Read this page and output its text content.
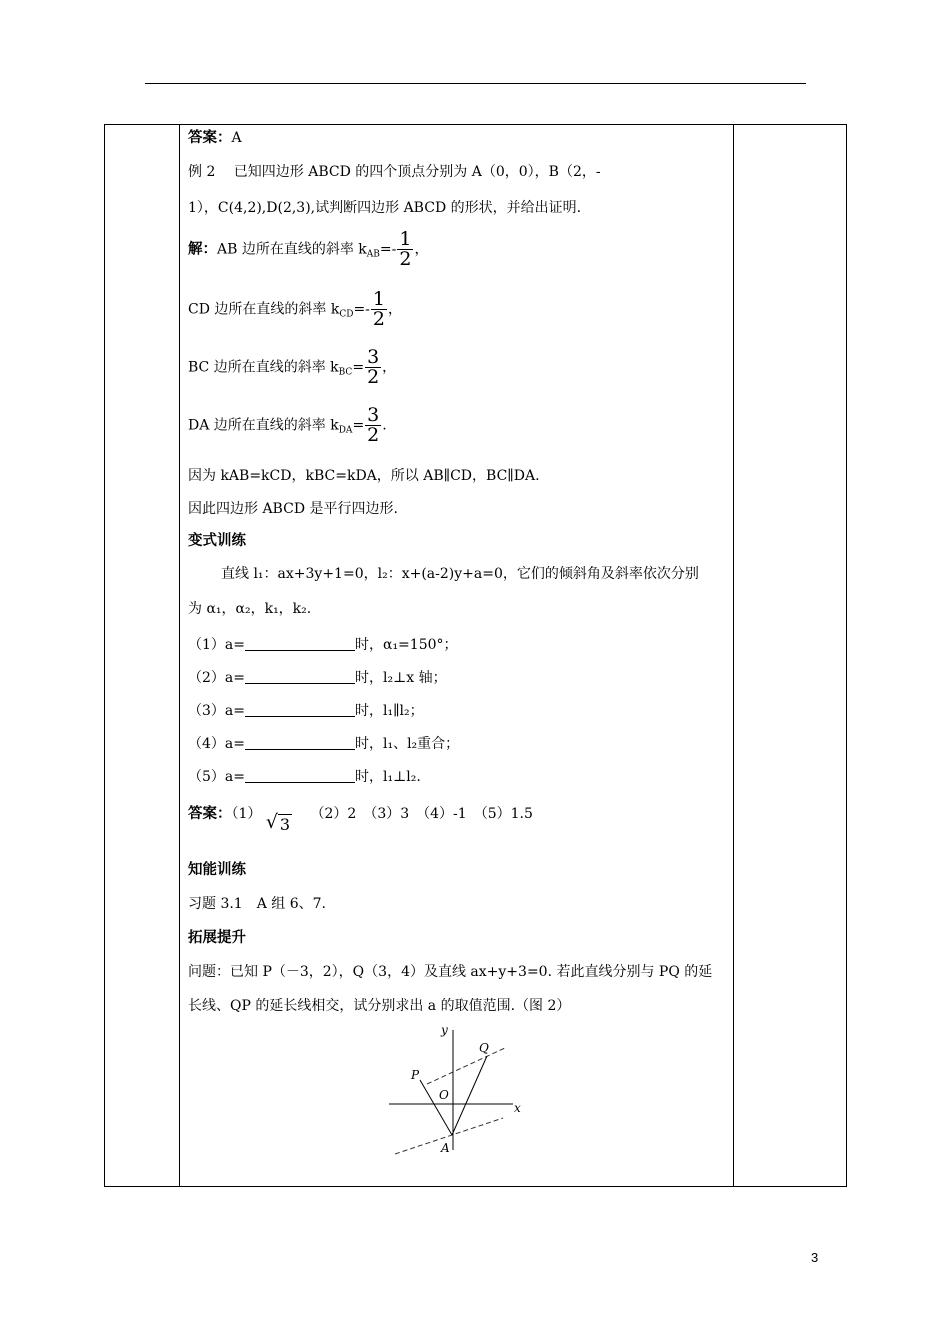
答案：A
例 2　 已知四边形 ABCD 的四个顶点分别为 A（0，0），B（2，-
1），C(4,2),D(2,3),试判断四边形 ABCD 的形状，并给出证明.
解：AB 边所在直线的斜率 $k_{AB}=- \frac{1}{2}$ ，
CD 边所在直线的斜率 $k_{CD}=- \frac{1}{2}$ ，
BC 边所在直线的斜率 $k_{BC}= \frac{3}{2}$ ，
DA 边所在直线的斜率 $k_{DA}= \frac{3}{2}$ .
因为 kAB=kCD，kBC=kDA，所以 AB∥CD，BC∥DA.
因此四边形 ABCD 是平行四边形.
变式训练
直线 l₁：ax+3y+1=0，l₂：x+(a-2)y+a=0，它们的倾斜角及斜率依次分别
为 α₁，α₂，k₁，k₂.
（1）a=	时，α₁=150°；
（2）a=	时，l₂⊥x 轴；
（3）a=	时，l₁∥l₂；
（4）a=	时，l₁、l₂重合；
（5）a=	时，l₁⊥l₂.
答案：（1） √ 3 （2）2　（3）3　（4）-1　（5）1.5
知能训练
习题 3.1　A 组 6、7.
拓展提升
问题：已知 P（－3，2），Q（3，4）及直线 ax+y+3=0. 若此直线分别与 PQ 的延
长线、QP 的延长线相交，试分别求出 a 的取值范围.（图 2）
y
x
P
Q
O
A
3
